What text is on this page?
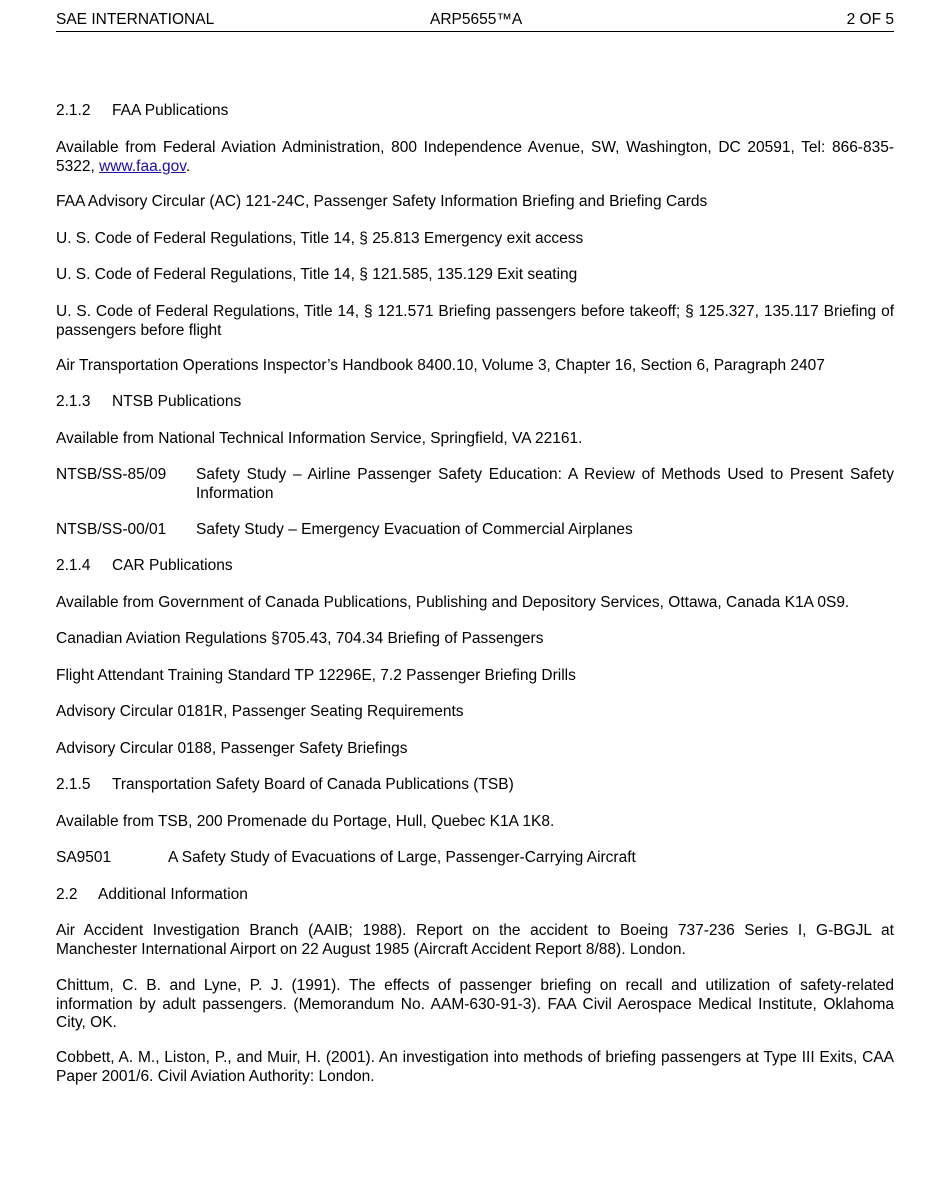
SAE INTERNATIONAL	ARP5655™A	2 OF 5
2.1.2 FAA Publications
Available from Federal Aviation Administration, 800 Independence Avenue, SW, Washington, DC 20591, Tel: 866-835-5322, www.faa.gov.
FAA Advisory Circular (AC) 121-24C, Passenger Safety Information Briefing and Briefing Cards
U. S. Code of Federal Regulations, Title 14, § 25.813 Emergency exit access
U. S. Code of Federal Regulations, Title 14, § 121.585, 135.129 Exit seating
U. S. Code of Federal Regulations, Title 14, § 121.571 Briefing passengers before takeoff; § 125.327, 135.117 Briefing of passengers before flight
Air Transportation Operations Inspector’s Handbook 8400.10, Volume 3, Chapter 16, Section 6, Paragraph 2407
2.1.3 NTSB Publications
Available from National Technical Information Service, Springfield, VA 22161.
NTSB/SS-85/09 Safety Study – Airline Passenger Safety Education: A Review of Methods Used to Present Safety Information
NTSB/SS-00/01 Safety Study – Emergency Evacuation of Commercial Airplanes
2.1.4 CAR Publications
Available from Government of Canada Publications, Publishing and Depository Services, Ottawa, Canada K1A 0S9.
Canadian Aviation Regulations §705.43, 704.34 Briefing of Passengers
Flight Attendant Training Standard TP 12296E, 7.2 Passenger Briefing Drills
Advisory Circular 0181R, Passenger Seating Requirements
Advisory Circular 0188, Passenger Safety Briefings
2.1.5 Transportation Safety Board of Canada Publications (TSB)
Available from TSB, 200 Promenade du Portage, Hull, Quebec K1A 1K8.
SA9501	A Safety Study of Evacuations of Large, Passenger-Carrying Aircraft
2.2 Additional Information
Air Accident Investigation Branch (AAIB; 1988). Report on the accident to Boeing 737-236 Series I, G-BGJL at Manchester International Airport on 22 August 1985 (Aircraft Accident Report 8/88). London.
Chittum, C. B. and Lyne, P. J. (1991). The effects of passenger briefing on recall and utilization of safety-related information by adult passengers. (Memorandum No. AAM-630-91-3). FAA Civil Aerospace Medical Institute, Oklahoma City, OK.
Cobbett, A. M., Liston, P., and Muir, H. (2001). An investigation into methods of briefing passengers at Type III Exits, CAA Paper 2001/6. Civil Aviation Authority: London.
